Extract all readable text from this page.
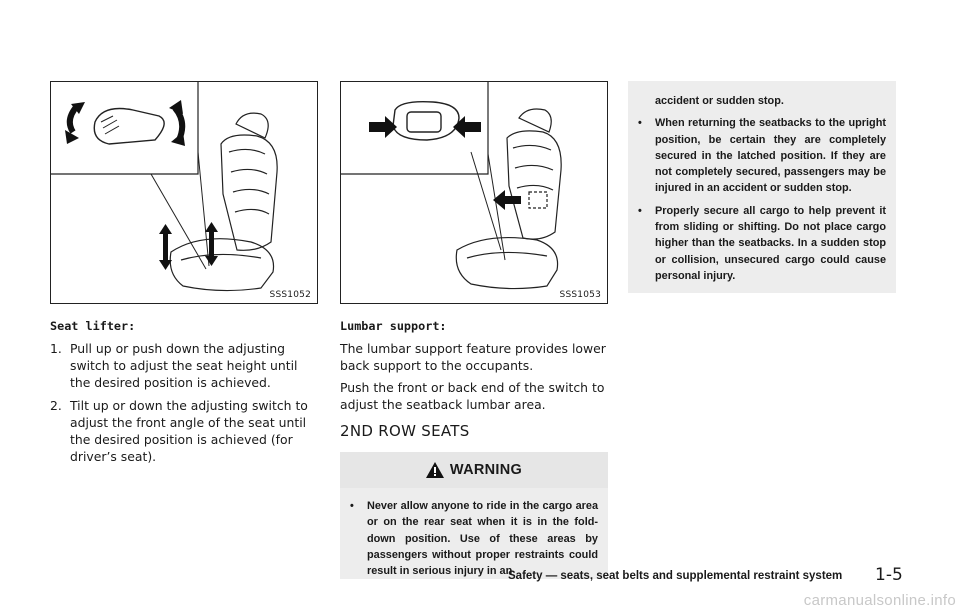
SSS1052	SSS1053
Seat lifter:
1. Pull up or push down the adjusting switch to adjust the seat height until the desired position is achieved.
2. Tilt up or down the adjusting switch to adjust the front angle of the seat until the desired position is achieved (for driver’s seat).
Lumbar support:

The lumbar support feature provides lower back support to the occupants.

Push the front or back end of the switch to adjust the seatback lumbar area.

2ND ROW SEATS
WARNING
• Never allow anyone to ride in the cargo area or on the rear seat when it is in the fold-down position. Use of these areas by passengers without proper restraints could result in serious injury in an
accident or sudden stop.
• When returning the seatbacks to the upright position, be certain they are completely secured in the latched position. If they are not completely secured, passengers may be injured in an accident or sudden stop.
• Properly secure all cargo to help prevent it from sliding or shifting. Do not place cargo higher than the seatbacks. In a sudden stop or collision, unsecured cargo could cause personal injury.
Safety — seats, seat belts and supplemental restraint system 1-5
carmanualsonline.info
